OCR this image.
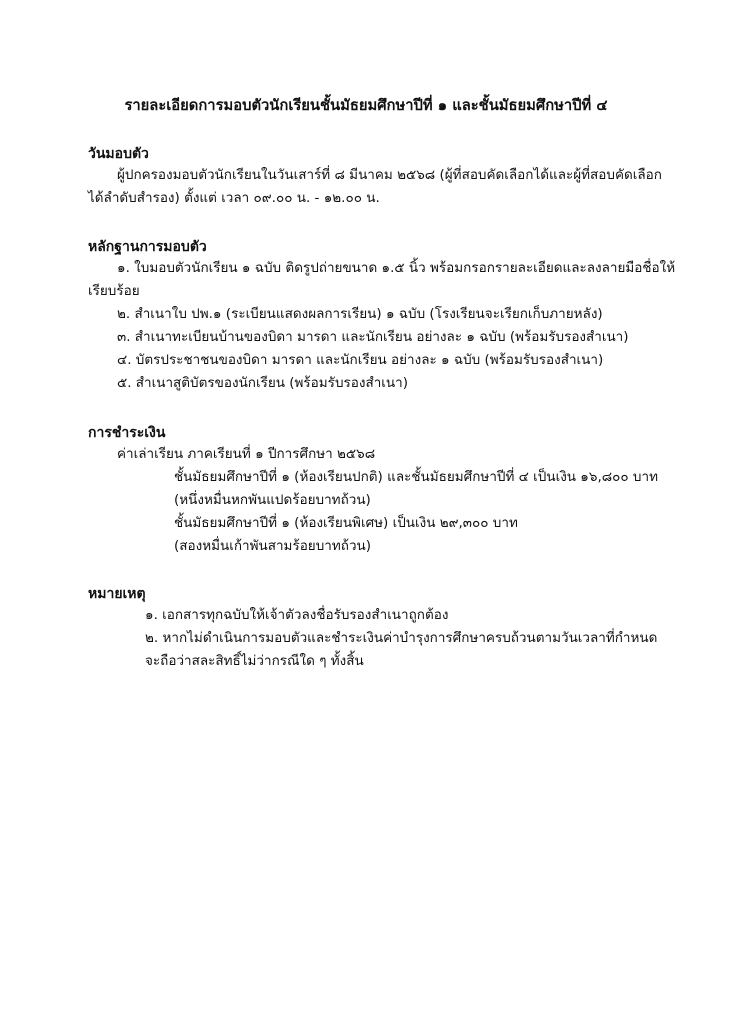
รายละเอียดการมอบตัวนักเรียนชั้นมัธยมศึกษาปีที่ ๑ และชั้นมัธยมศึกษาปีที่ ๔
วันมอบตัว
ผู้ปกครองมอบตัวนักเรียนในวันเสาร์ที่ ๘ มีนาคม ๒๕๖๘ (ผู้ที่สอบคัดเลือกได้และผู้ที่สอบคัดเลือก
ได้ลำดับสำรอง) ตั้งแต่ เวลา ๐๙.๐๐ น. - ๑๒.๐๐ น.
หลักฐานการมอบตัว
๑. ใบมอบตัวนักเรียน ๑ ฉบับ ติดรูปถ่ายขนาด ๑.๕ นิ้ว พร้อมกรอกรายละเอียดและลงลายมือชื่อให้
เรียบร้อย
๒. สำเนาใบ ปพ.๑ (ระเบียนแสดงผลการเรียน) ๑ ฉบับ (โรงเรียนจะเรียกเก็บภายหลัง)
๓. สำเนาทะเบียนบ้านของบิดา มารดา และนักเรียน อย่างละ ๑ ฉบับ (พร้อมรับรองสำเนา)
๔. บัตรประชาชนของบิดา มารดา และนักเรียน อย่างละ ๑ ฉบับ (พร้อมรับรองสำเนา)
๕. สำเนาสูติบัตรของนักเรียน (พร้อมรับรองสำเนา)
การชำระเงิน
ค่าเล่าเรียน ภาคเรียนที่ ๑ ปีการศึกษา ๒๕๖๘
ชั้นมัธยมศึกษาปีที่ ๑ (ห้องเรียนปกติ) และชั้นมัธยมศึกษาปีที่ ๔ เป็นเงิน ๑๖,๘๐๐ บาท
(หนึ่งหมื่นหกพันแปดร้อยบาทถ้วน)
ชั้นมัธยมศึกษาปีที่ ๑ (ห้องเรียนพิเศษ) เป็นเงิน ๒๙,๓๐๐ บาท
(สองหมื่นเก้าพันสามร้อยบาทถ้วน)
หมายเหตุ
๑. เอกสารทุกฉบับให้เจ้าตัวลงชื่อรับรองสำเนาถูกต้อง
๒. หากไม่ดำเนินการมอบตัวและชำระเงินค่าบำรุงการศึกษาครบถ้วนตามวันเวลาที่กำหนด
จะถือว่าสละสิทธิ์ไม่ว่ากรณีใด ๆ ทั้งสิ้น
